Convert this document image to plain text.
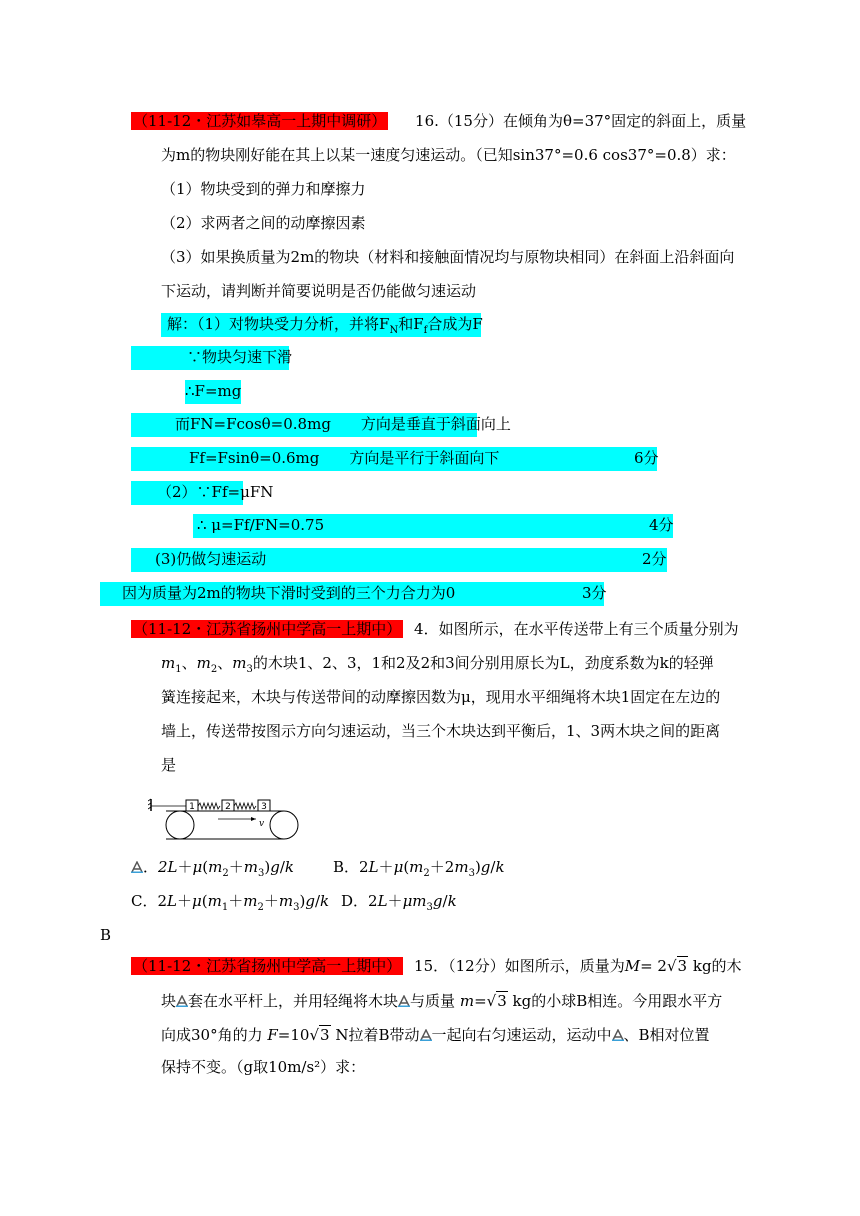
（11-12・江苏如皋高一上期中调研） 16.（15分）在倾角为θ=37°固定的斜面上，质量
为m的物块刚好能在其上以某一速度匀速运动。（已知sin37°=0.6 cos37°=0.8）求：
（1）物块受到的弹力和摩擦力
（2）求两者之间的动摩擦因素
（3）如果换质量为2m的物块（材料和接触面情况均与原物块相同）在斜面上沿斜面向
下运动，请判断并简要说明是否仍能做匀速运动
解：（1）对物块受力分析，并将$F_N$和$F_f$合成为F
∵物块匀速下滑
∴F=mg
而FN=Fcosθ=0.8mg　　方向是垂直于斜面向上
Ff=Fsinθ=0.6mg　　方向是平行于斜面向下	6分
（2）∵Ff=μFN
∴ μ=Ff/FN=0.75	4分
(3)仍做匀速运动	2分
因为质量为2m的物块下滑时受到的三个力合力为0	3分
（11-12・江苏省扬州中学高一上期中） 4．如图所示，在水平传送带上有三个质量分别为
$m_1$、$m_2$、$m_3$的木块1、2、3，1和2及2和3间分别用原长为L，劲度系数为k的轻弹
簧连接起来，木块与传送带间的动摩擦因数为μ，现用水平细绳将木块1固定在左边的
墙上，传送带按图示方向匀速运动，当三个木块达到平衡后，1、3两木块之间的距离
是
1	2	3
v
．$2L+\mu(m_2+m_3)g/k$	B．$2L+\mu(m_2+2m_3)g/k$
C．$2L+\mu(m_1+m_2+m_3)g/k$ D．$2L+\mu m_3g/k$
B
（11-12・江苏省扬州中学高一上期中） 15．（12分）如图所示，质量为M= 2√3 kg的木
块 套在水平杆上，并用轻绳将木块 与质量 m=√3 kg的小球B相连。今用跟水平方
向成30°角的力 F=10√3 N拉着B带动 一起向右匀速运动，运动中 、B相对位置
保持不变。（g取10m/s²）求：
